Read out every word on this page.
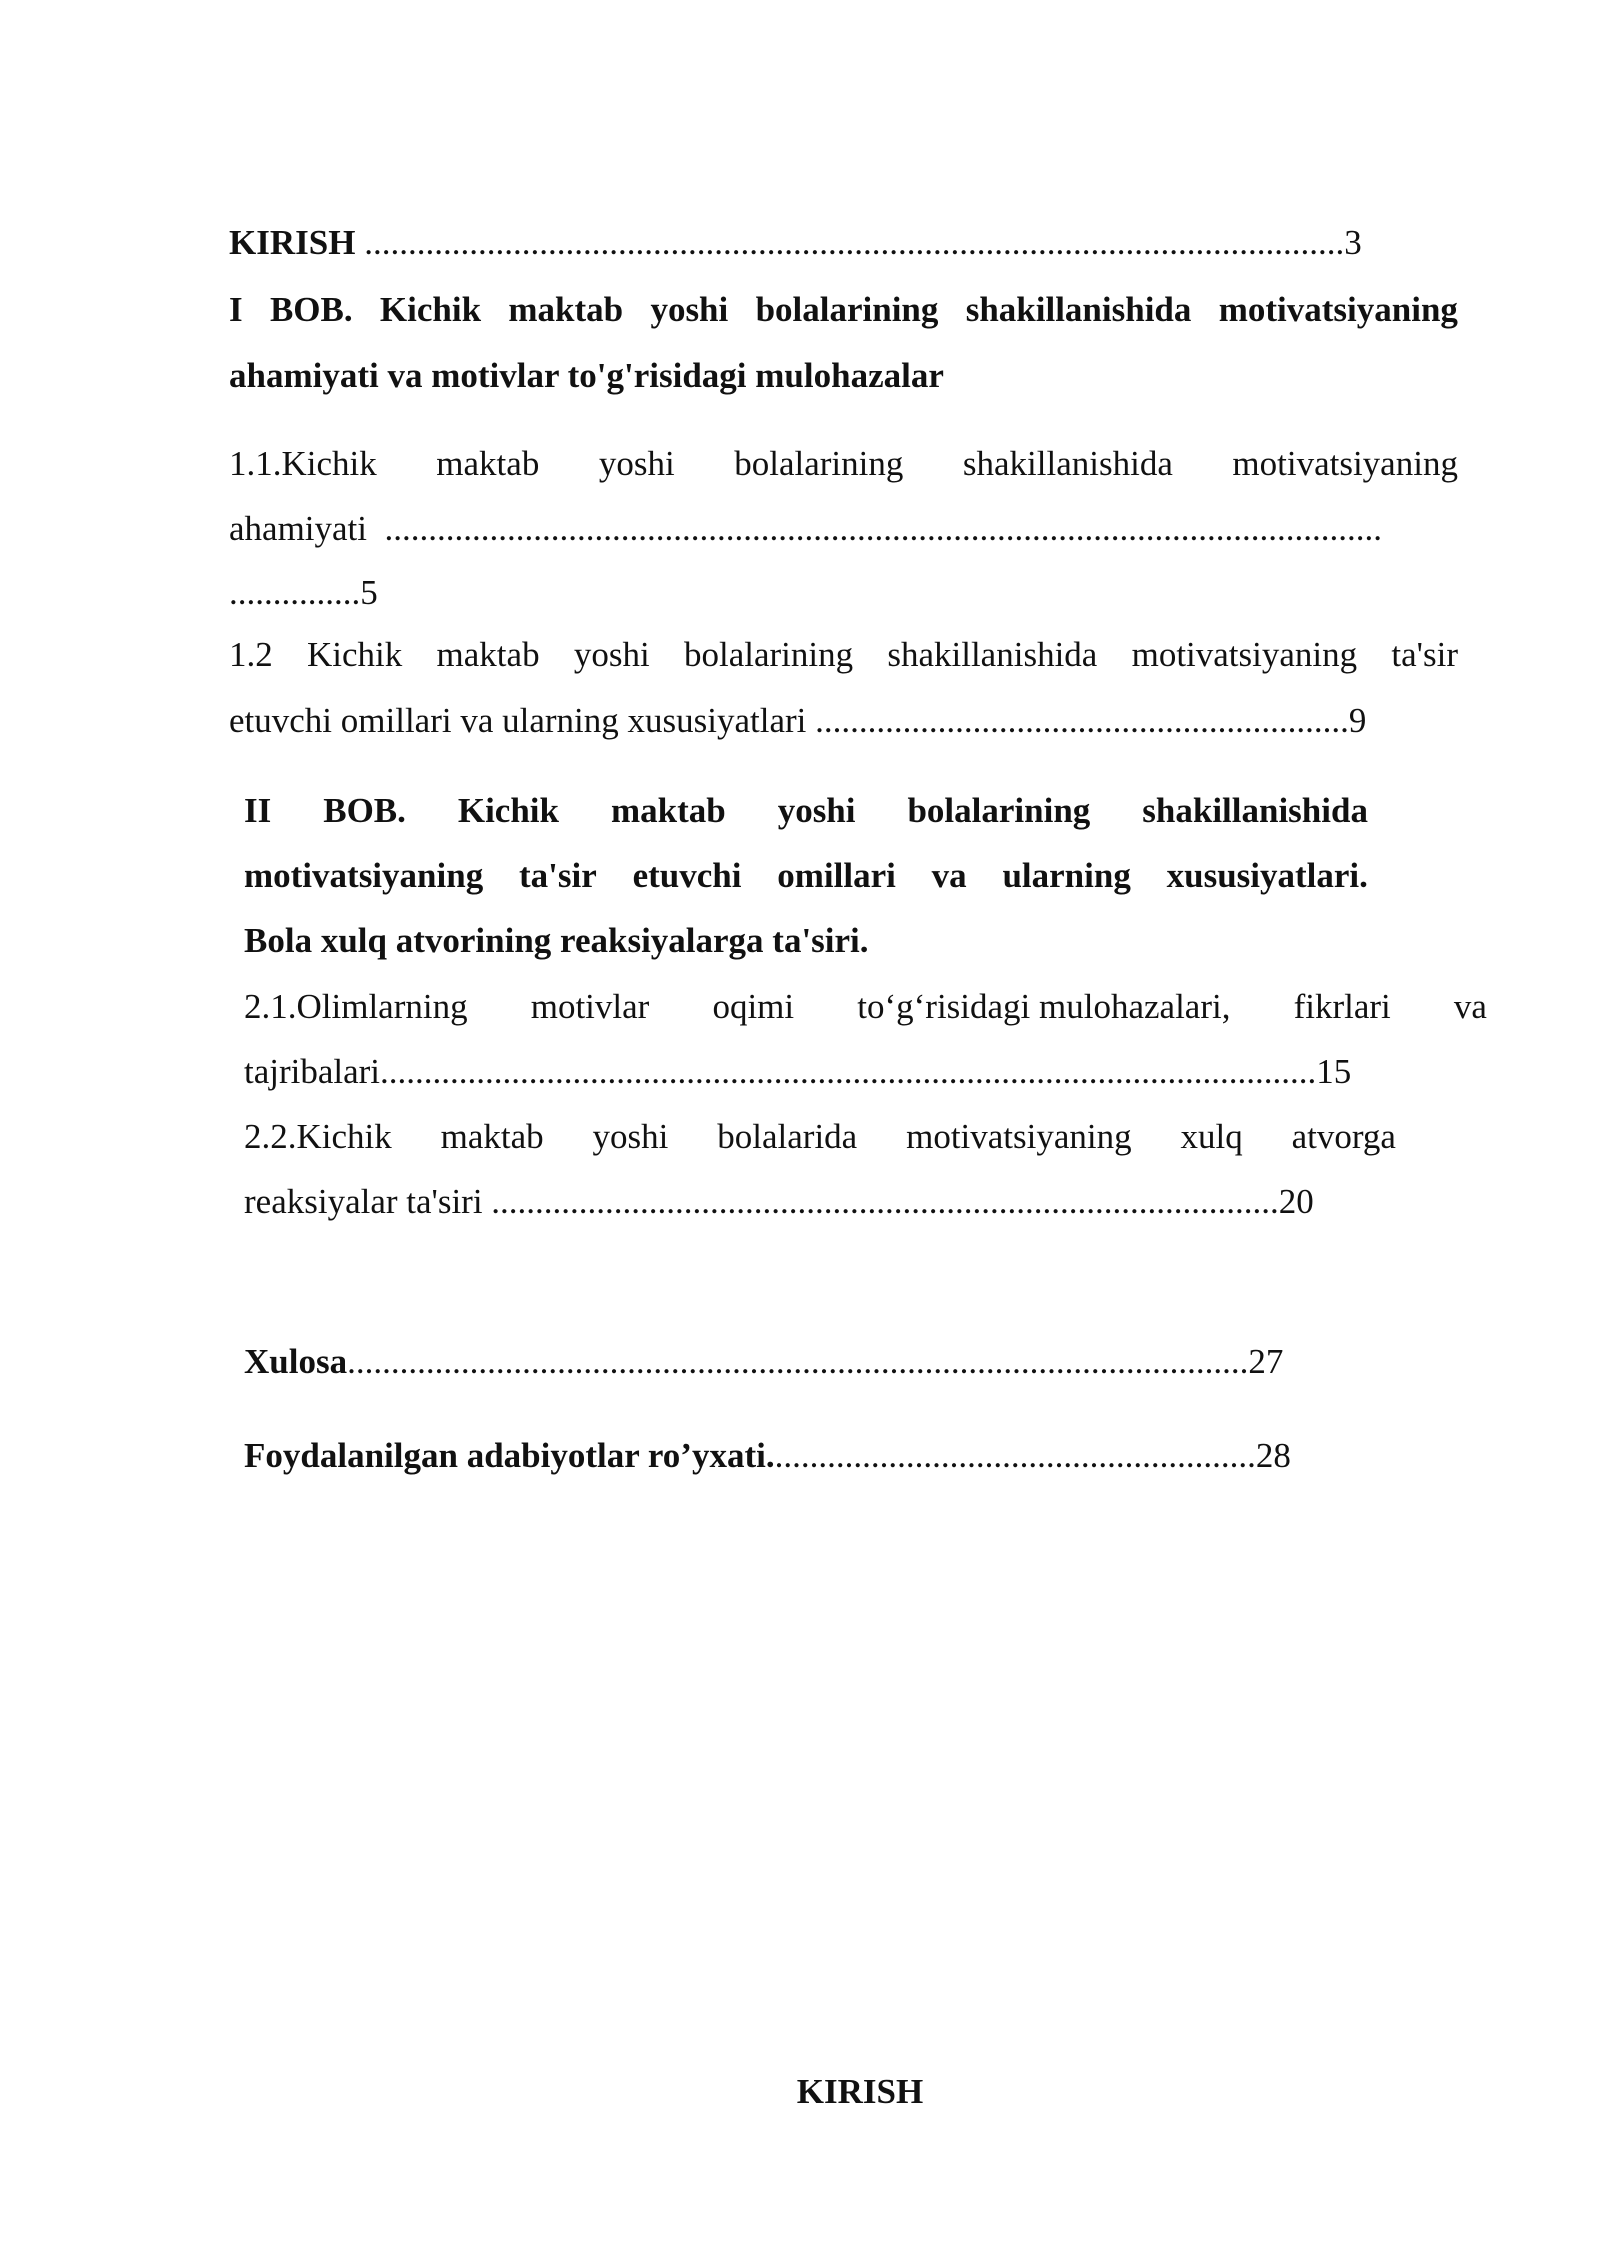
KIRISH ................................................................................................................3
I BOB. Kichik maktab yoshi bolalarining shakillanishida motivatsiyaning
ahamiyati va motivlar to'g'risidagi mulohazalar
1.1.Kichik maktab yoshi bolalarining shakillanishida motivatsiyaning
ahamiyati ..................................................................................................................
...............5
1.2 Kichik maktab yoshi bolalarining shakillanishida motivatsiyaning ta'sir
etuvchi omillari va ularning xususiyatlari .............................................................9
II BOB. Kichik maktab yoshi bolalarining shakillanishida
motivatsiyaning ta'sir etuvchi omillari va ularning xususiyatlari.
Bola xulq atvorining reaksiyalarga ta'siri.
2.1.Olimlarning motivlar oqimi to‘g‘risidagi mulohazalari, fikrlari va
tajribalari...........................................................................................................15
2.2.Kichik maktab yoshi bolalarida motivatsiyaning xulq atvorga
reaksiyalar ta'siri ..........................................................................................20
Xulosa.......................................................................................................27
Foydalanilgan adabiyotlar ro’yxati........................................................28
KIRISH
